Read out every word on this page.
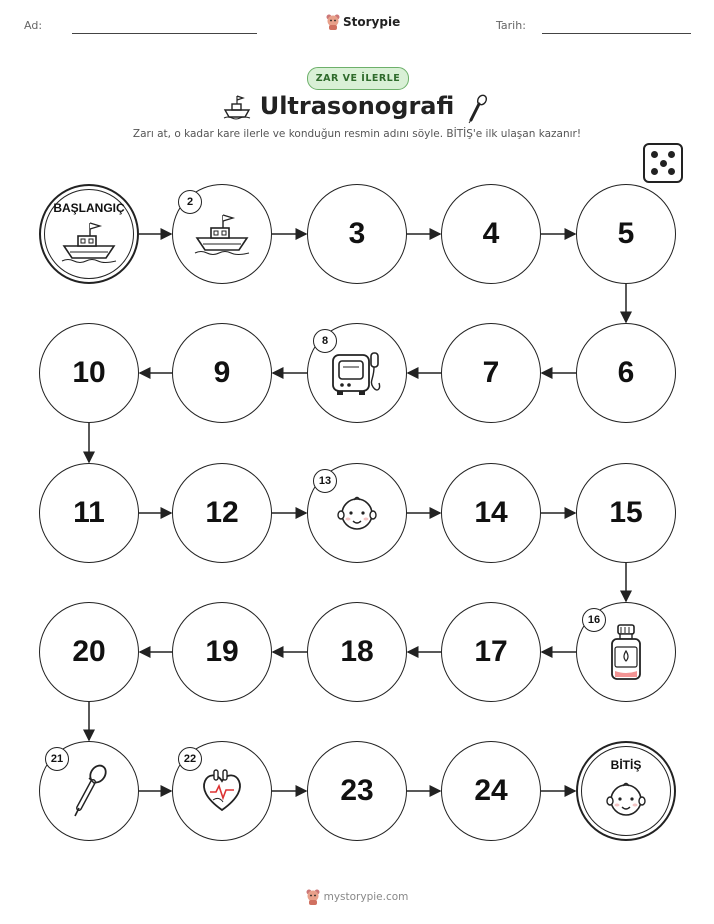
Ad:	Storypie	Tarih:
ZAR VE İLERLE
Ultrasonografi
Zarı at, o kadar kare ilerle ve konduğun resmin adını söyle. BİTİŞ'e ilk ulaşan kazanır!
BAŞLANGIÇ	2
3	4	5
6
7
8
9
10
11	12
13
14	15
16
17
18
19
20
21	22
23	24
BİTİŞ
mystorypie.com
